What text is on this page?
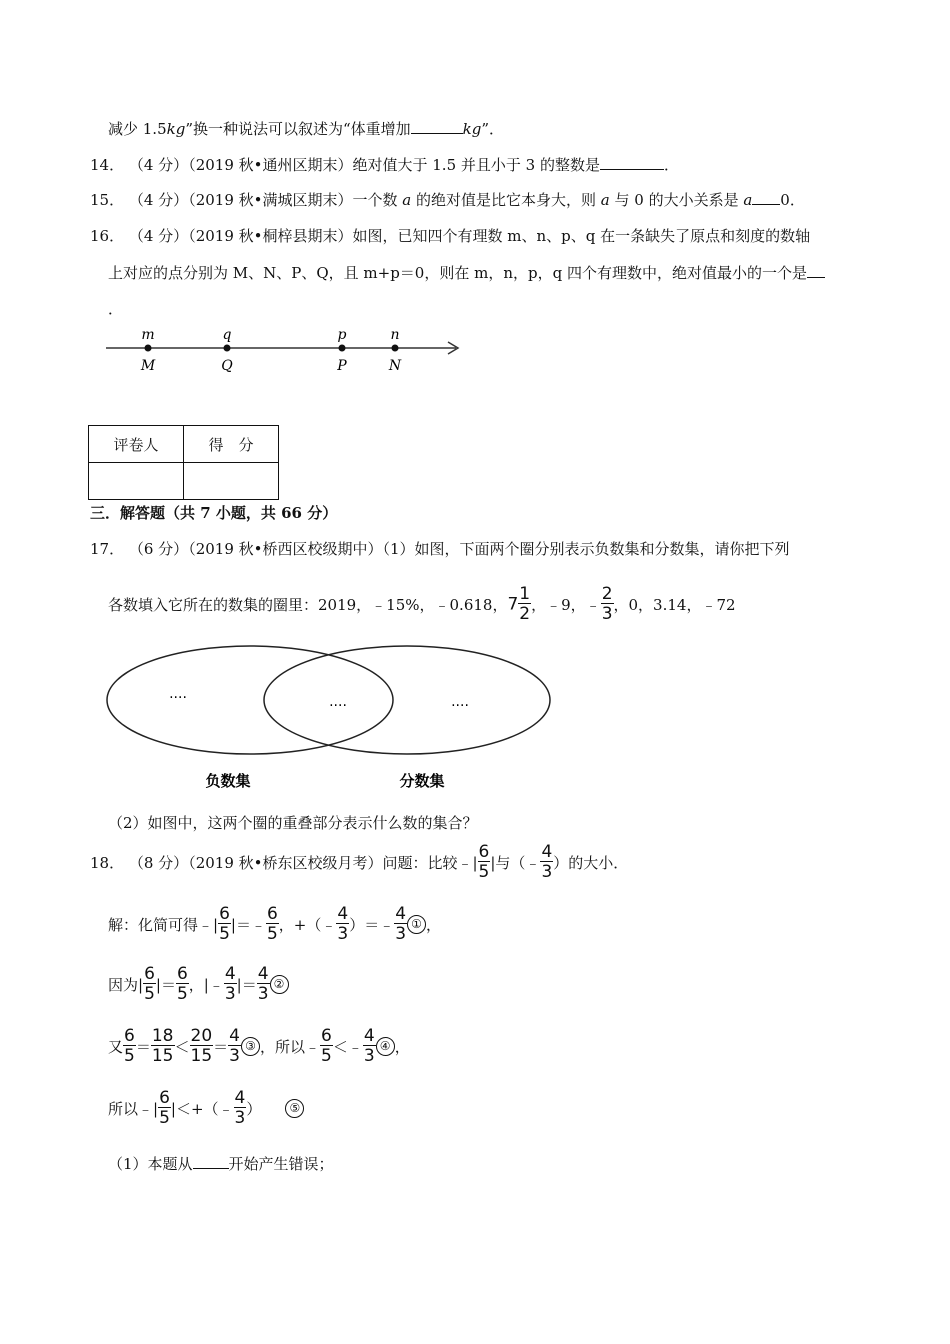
减少 1.5kg”换一种说法可以叙述为“体重增加	kg”．
14． （4 分）（2019 秋•通州区期末）绝对值大于 1.5 并且小于 3 的整数是	．
15． （4 分）（2019 秋•满城区期末）一个数 a 的绝对值是比它本身大，则 a 与 0 的大小关系是 a 0．
16． （4 分）（2019 秋•桐梓县期末）如图，已知四个有理数 m、n、p、q 在一条缺失了原点和刻度的数轴
上对应的点分别为 M、N、P、Q，且 m+p＝0，则在 m，n，p，q 四个有理数中，绝对值最小的一个是
．
m	q	p	n
M	Q	P	N
评卷人	得　分

三．解答题（共 7 小题，共 66 分）
17． （6 分）（2019 秋•桥西区校级期中）（1）如图，下面两个圈分别表示负数集和分数集，请你把下列
各数填入它所在的数集的圈里：2019，﹣15%，﹣0.618，$7 \frac{1}{2}$ ，﹣9，﹣ $\frac{2}{3}$ ，0，3.14，﹣72
....	....	....
负数集	分数集
（2）如图中，这两个圈的重叠部分表示什么数的集合？
18． （8 分）（2019 秋•桥东区校级月考）问题：比较﹣| $\frac{6}{5}$ |与（﹣ $\frac{4}{3}$ ）的大小．
解：化简可得﹣| $\frac{6}{5}$ |＝﹣ $\frac{6}{5}$ ，+（﹣ $\frac{4}{3}$ ）＝﹣ $\frac{4}{3}$ ① ，
因为| $\frac{6}{5}$ |＝ $\frac{6}{5}$ ，|﹣ $\frac{4}{3}$ |＝ $\frac{4}{3}$ ②
又 $\frac{6}{5} = \frac{18}{15} < \frac{20}{15} = \frac{4}{3}$ ③ ，所以﹣ $\frac{6}{5}$ ＜﹣ $\frac{4}{3}$ ④ ，
所以﹣| $\frac{6}{5}$ |＜+（﹣ $\frac{4}{3}$ ） ⑤
（1）本题从 开始产生错误；
